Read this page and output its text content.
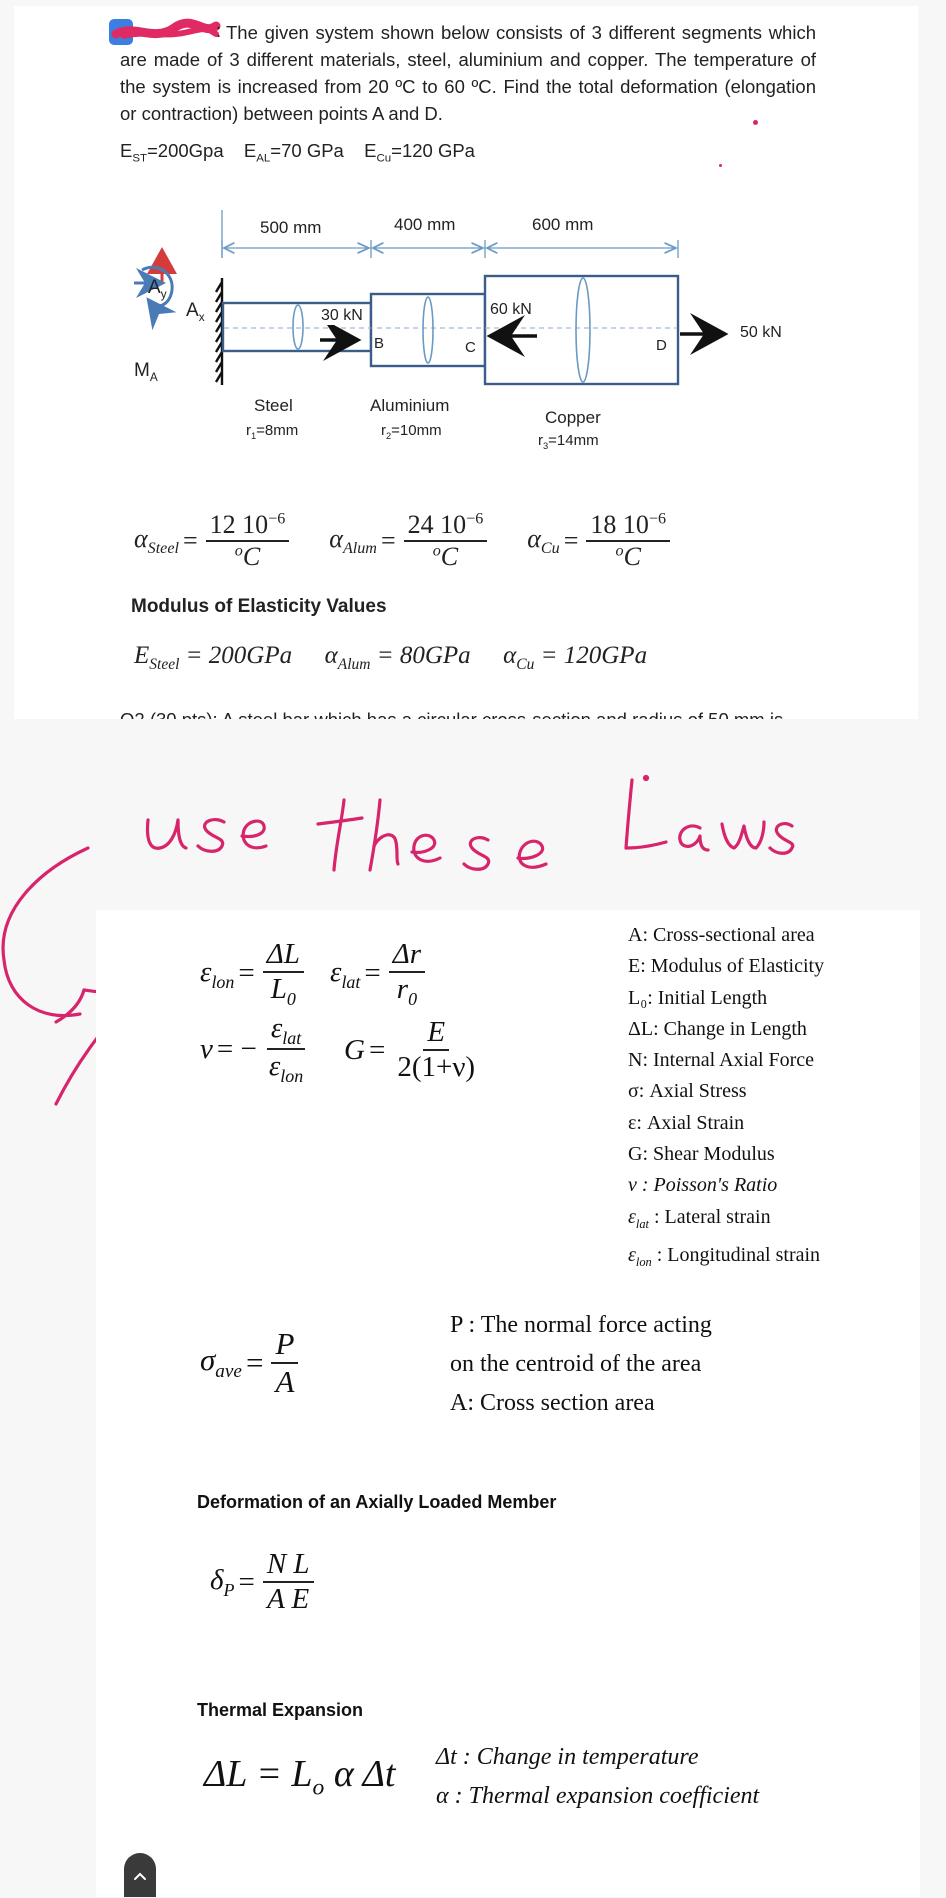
: The given system shown below consists of 3 different segments which are made of 3 different materials, steel, aluminium and copper. The temperature of the system is increased from 20 ºC to 60 ºC. Find the total deformation (elongation or contraction) between points A and D.

$E_{ST}=200Gpa$ $E_{AL}=70$ GPa $E_{Cu}=120$ GPa
500 mm	400 mm	600 mm
$A_y$
$A_x$
$M_A$
30 kN	60 kN
50 kN
B	C	D
Steel
$r_1=8mm$
Aluminium
$r_2=10mm$
Copper
$r_3=14mm$
$\alpha_{Steel} = \frac{12 10^{-6}}{^oC} \alpha_{Alum} = \frac{24 10^{-6}}{^oC} \alpha_{Cu} = \frac{18 10^{-6}}{^oC}$
Modulus of Elasticity Values
$E_{Steel} = 200GPa$ $\alpha_{Alum} = 80GPa$ $\alpha_{Cu} = 120GPa$
$\varepsilon_{lon} = \frac{\Delta L}{L_0} \varepsilon_{lat} = \frac{\Delta r}{r_0}$
ν = − $\frac{\varepsilon_{lat}}{\varepsilon_{lon}}$ $G = \frac{E}{2(1+\nu)}$
A: Cross-sectional area
E: Modulus of Elasticity
L₀: Initial Length
ΔL: Change in Length
N: Internal Axial Force
σ: Axial Stress
ε: Axial Strain
G: Shear Modulus
ν : Poisson's Ratio
$\varepsilon_{lat}$ : Lateral strain
$\varepsilon_{lon}$ : Longitudinal strain
$\sigma_{ave} = \frac{P}{A}$
P : The normal force acting
on the centroid of the area
A: Cross section area
Deformation of an Axially Loaded Member
$\delta_P = \frac{\text{N L}}{\text{A E}}$
Thermal Expansion
$\Delta L = L_o$ α Δt Δt : Change in temperature
α : Thermal expansion coefficient
